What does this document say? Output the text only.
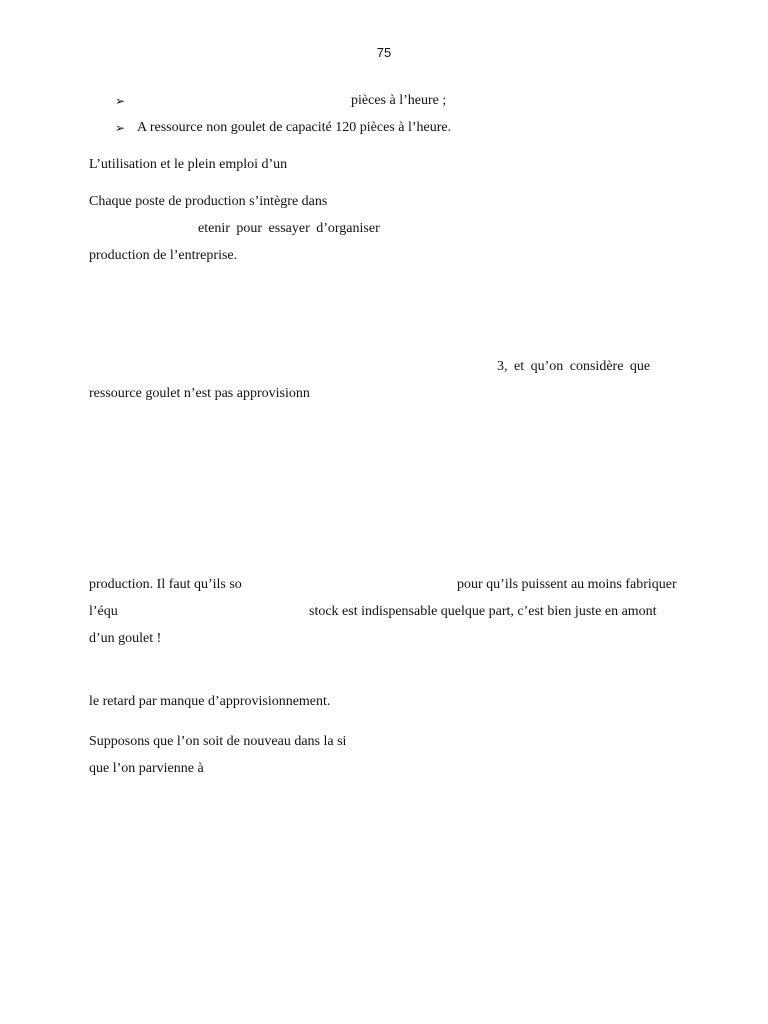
75
➢	pièces à l’heure ;
➢ A ressource non goulet de capacité 120 pièces à l’heure.
L’utilisation et le plein emploi d’un
Chaque poste de production s’intègre dans
etenir pour essayer d’organiser
production de l’entreprise.
3, et qu’on considère que
ressource goulet n’est pas approvisionn
production. Il faut qu’ils so	pour qu’ils puissent au moins fabriquer
l’équ	stock est indispensable quelque part, c’est bien juste en amont
d’un goulet !
le retard par manque d’approvisionnement.
Supposons que l’on soit de nouveau dans la si
que l’on parvienne à
